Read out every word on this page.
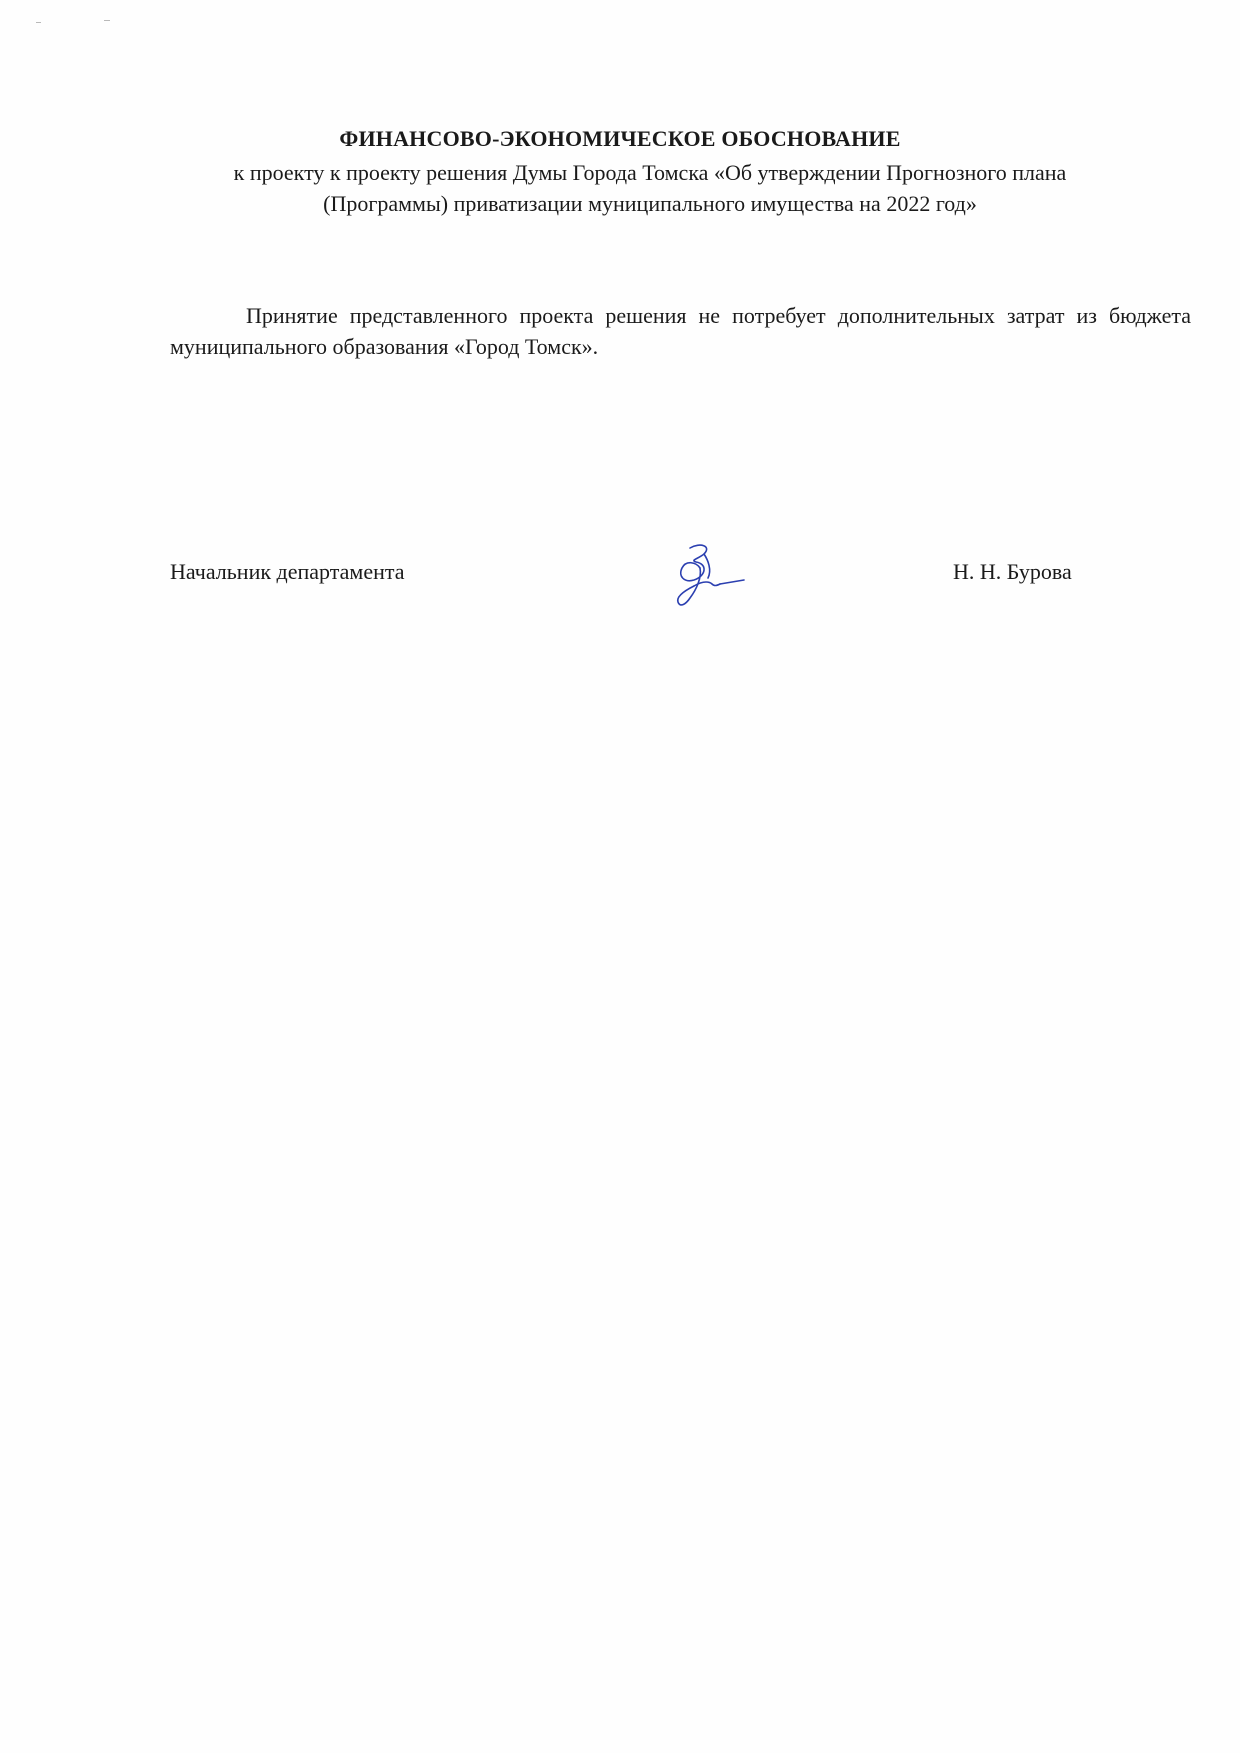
ФИНАНСОВО-ЭКОНОМИЧЕСКОЕ ОБОСНОВАНИЕ
к проекту к проекту решения Думы Города Томска «Об утверждении Прогнозного плана
(Программы) приватизации муниципального имущества на 2022 год»

Принятие представленного проекта решения не потребует дополнительных затрат из бюджета муниципального образования «Город Томск».

Начальник департамента	Н. Н. Бурова
